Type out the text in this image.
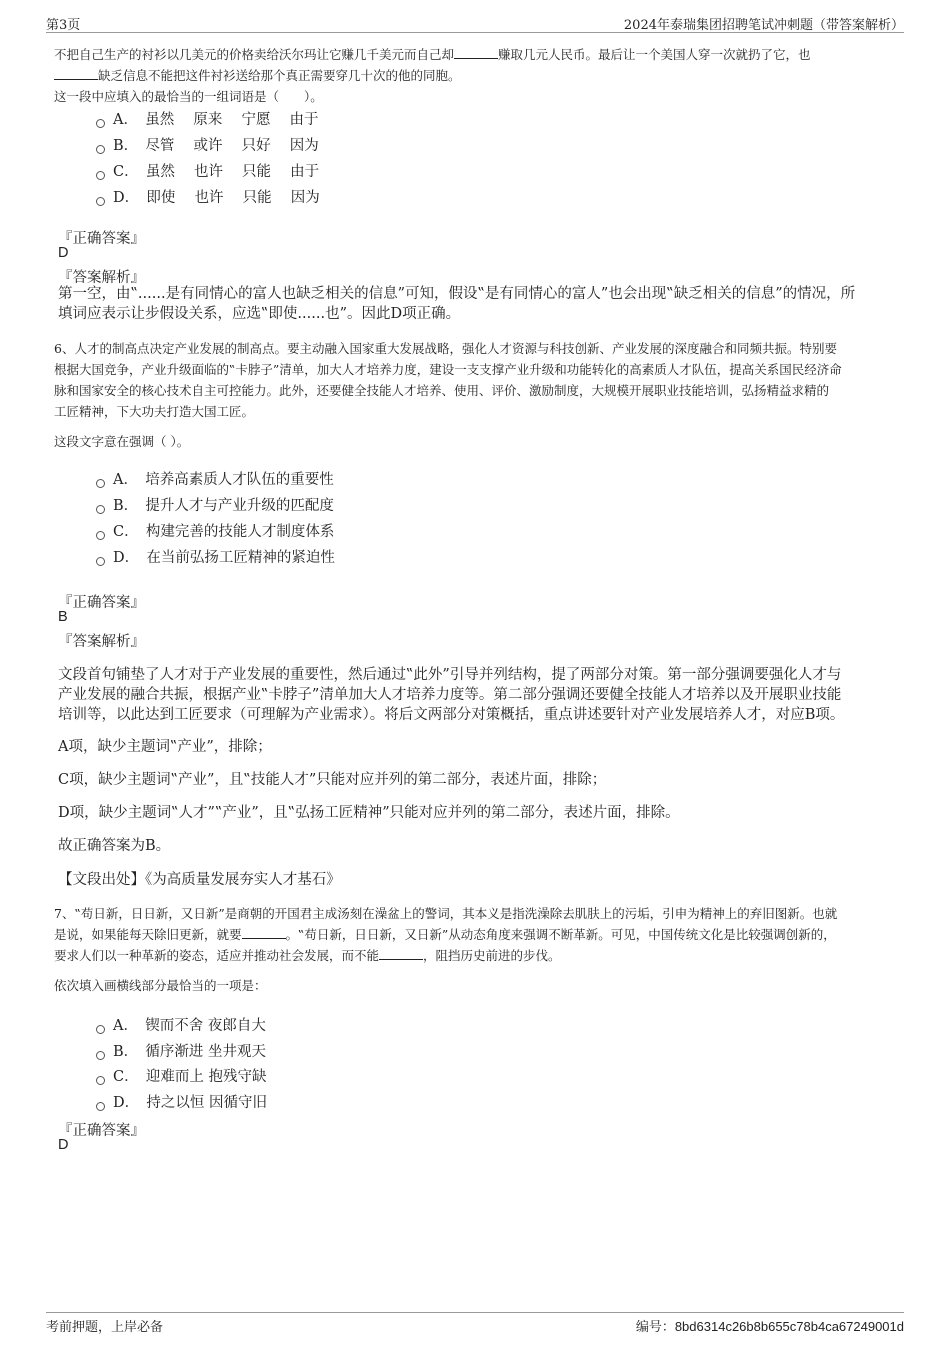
第3页	2024年泰瑞集团招聘笔试冲刺题（带答案解析）
不把自己生产的衬衫以几美元的价格卖给沃尔玛让它赚几千美元而自己却	赚取几元人民币。最后让一个美国人穿一次就扔了它，也
缺乏信息不能把这件衬衫送给那个真正需要穿几十次的他的同胞。
这一段中应填入的最恰当的一组词语是（　　）。
A．　虽然　 原来　 宁愿　 由于
B．　尽管　 或许　 只好　 因为
C．　虽然　 也许　 只能　 由于
D．　即使　 也许　 只能　 因为
『正确答案』
D
『答案解析』
第一空，由‟......是有同情心的富人也缺乏相关的信息”可知，假设‟是有同情心的富人”也会出现‟缺乏相关的信息”的情况，所
填词应表示让步假设关系，应选‟即使......也”。因此D项正确。
6、人才的制高点决定产业发展的制高点。要主动融入国家重大发展战略，强化人才资源与科技创新、产业发展的深度融合和同频共振。特别要
根据大国竞争，产业升级面临的‟卡脖子”清单，加大人才培养力度，建设一支支撑产业升级和功能转化的高素质人才队伍，提高关系国民经济命
脉和国家安全的核心技术自主可控能力。此外，还要健全技能人才培养、使用、评价、激励制度，大规模开展职业技能培训，弘扬精益求精的
工匠精神，下大功夫打造大国工匠。
这段文字意在强调（ ）。
A．　培养高素质人才队伍的重要性
B．　提升人才与产业升级的匹配度
C．　构建完善的技能人才制度体系
D．　在当前弘扬工匠精神的紧迫性
『正确答案』
B
『答案解析』
文段首句铺垫了人才对于产业发展的重要性，然后通过‟此外”引导并列结构，提了两部分对策。第一部分强调要强化人才与
产业发展的融合共振，根据产业‟卡脖子”清单加大人才培养力度等。第二部分强调还要健全技能人才培养以及开展职业技能
培训等，以此达到工匠要求（可理解为产业需求）。将后文两部分对策概括，重点讲述要针对产业发展培养人才，对应B项。
A项，缺少主题词‟产业”，排除；
C项，缺少主题词‟产业”，且‟技能人才”只能对应并列的第二部分，表述片面，排除；
D项，缺少主题词‟人才”‟产业”，且‟弘扬工匠精神”只能对应并列的第二部分，表述片面，排除。
故正确答案为B。
【文段出处】《为高质量发展夯实人才基石》
7、‟苟日新，日日新，又日新”是商朝的开国君主成汤刻在澡盆上的警词，其本义是指洗澡除去肌肤上的污垢，引申为精神上的弃旧图新。也就
是说，如果能每天除旧更新，就要	。‟苟日新，日日新，又日新”从动态角度来强调不断革新。可见，中国传统文化是比较强调创新的，
要求人们以一种革新的姿态，适应并推动社会发展，而不能	，阻挡历史前进的步伐。
依次填入画横线部分最恰当的一项是：
A．　锲而不舍 夜郎自大
B．　循序渐进 坐井观天
C．　迎难而上 抱残守缺
D．　持之以恒 因循守旧
『正确答案』
D
考前押题，上岸必备	编号：8bd6314c26b8b655c78b4ca67249001d
